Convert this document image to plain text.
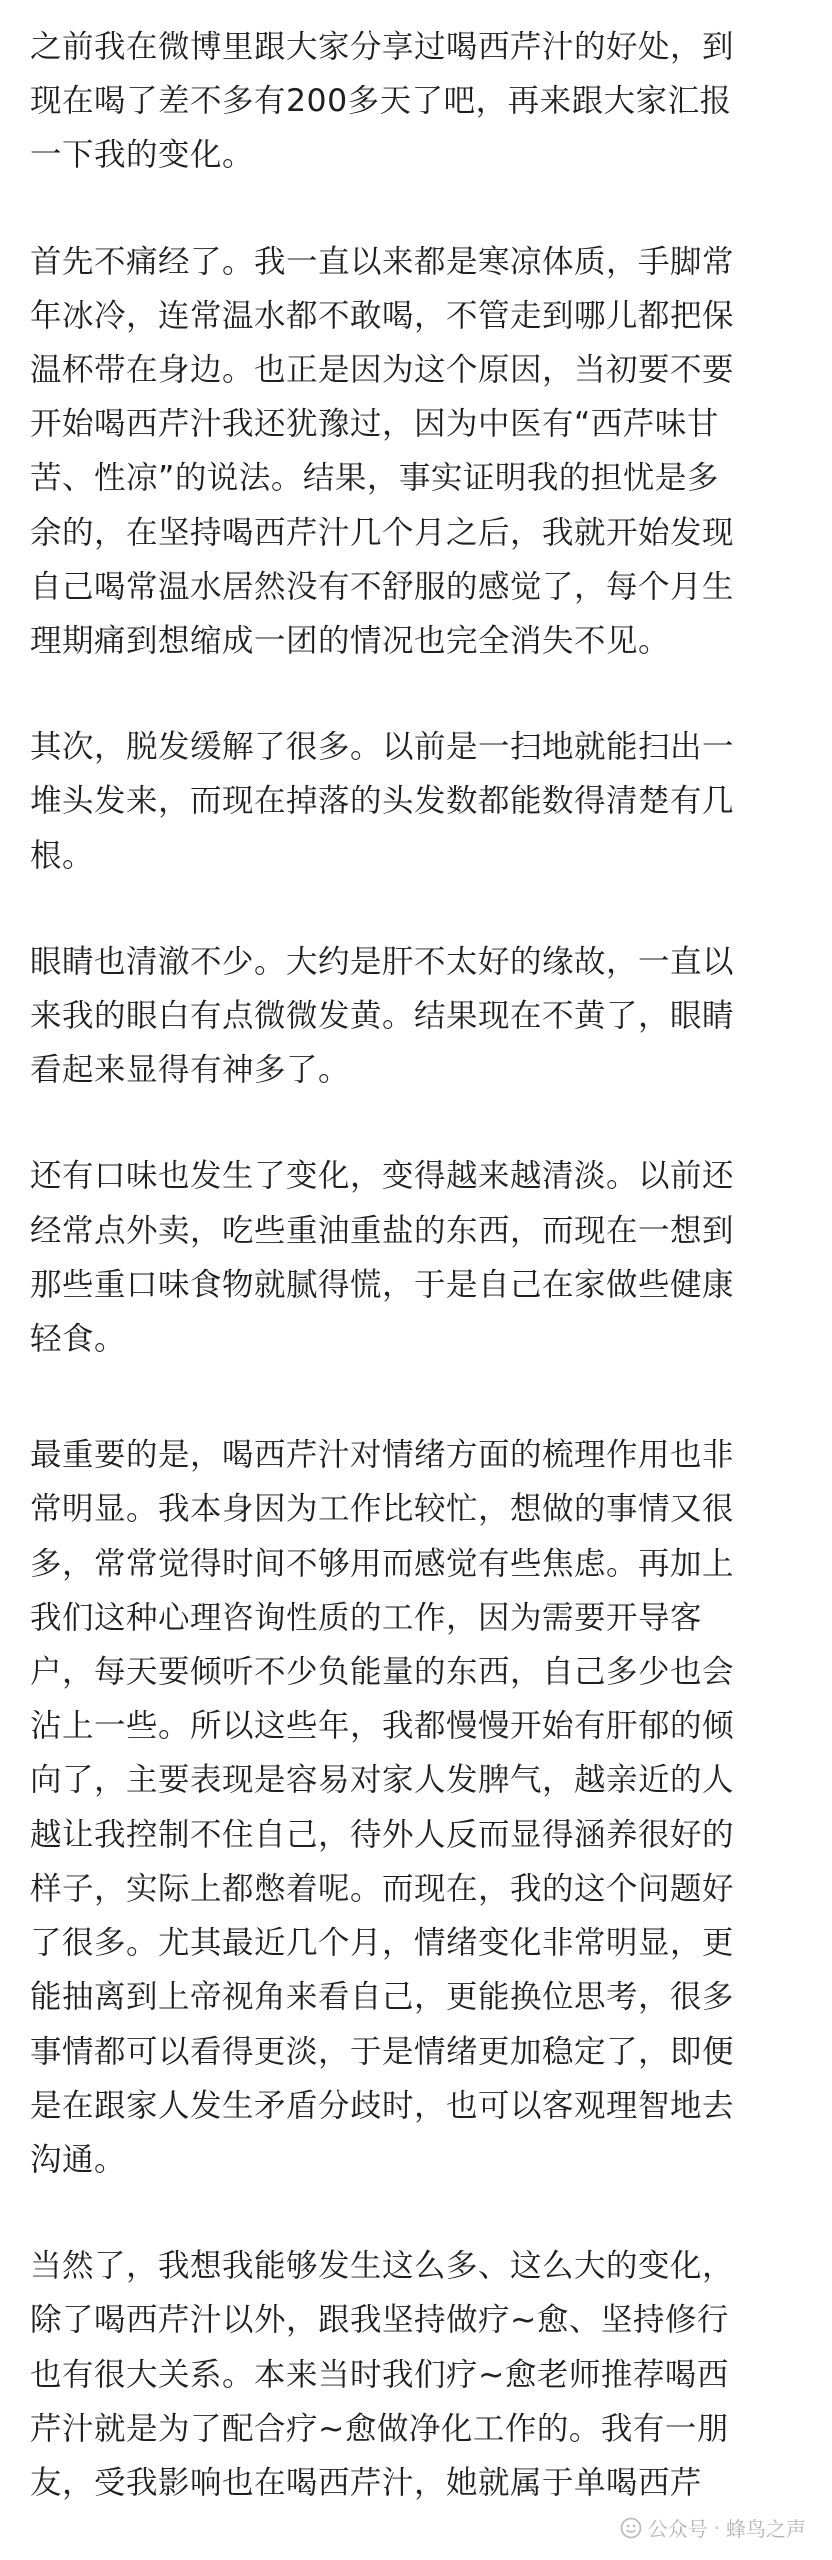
之前我在微博里跟大家分享过喝西芹汁的好处，到
现在喝了差不多有200多天了吧，再来跟大家汇报
一下我的变化。

首先不痛经了。我一直以来都是寒凉体质，手脚常
年冰冷，连常温水都不敢喝，不管走到哪儿都把保
温杯带在身边。也正是因为这个原因，当初要不要
开始喝西芹汁我还犹豫过，因为中医有“西芹味甘
苦、性凉”的说法。结果，事实证明我的担忧是多
余的，在坚持喝西芹汁几个月之后，我就开始发现
自己喝常温水居然没有不舒服的感觉了，每个月生
理期痛到想缩成一团的情况也完全消失不见。

其次，脱发缓解了很多。以前是一扫地就能扫出一
堆头发来，而现在掉落的头发数都能数得清楚有几
根。

眼睛也清澈不少。大约是肝不太好的缘故，一直以
来我的眼白有点微微发黄。结果现在不黄了，眼睛
看起来显得有神多了。

还有口味也发生了变化，变得越来越清淡。以前还
经常点外卖，吃些重油重盐的东西，而现在一想到
那些重口味食物就腻得慌，于是自己在家做些健康
轻食。

最重要的是，喝西芹汁对情绪方面的梳理作用也非
常明显。我本身因为工作比较忙，想做的事情又很
多，常常觉得时间不够用而感觉有些焦虑。再加上
我们这种心理咨询性质的工作，因为需要开导客
户，每天要倾听不少负能量的东西，自己多少也会
沾上一些。所以这些年，我都慢慢开始有肝郁的倾
向了，主要表现是容易对家人发脾气，越亲近的人
越让我控制不住自己，待外人反而显得涵养很好的
样子，实际上都憋着呢。而现在，我的这个问题好
了很多。尤其最近几个月，情绪变化非常明显，更
能抽离到上帝视角来看自己，更能换位思考，很多
事情都可以看得更淡，于是情绪更加稳定了，即便
是在跟家人发生矛盾分歧时，也可以客观理智地去
沟通。

当然了，我想我能够发生这么多、这么大的变化，
除了喝西芹汁以外，跟我坚持做疗~愈、坚持修行
也有很大关系。本来当时我们疗~愈老师推荐喝西
芹汁就是为了配合疗~愈做净化工作的。我有一朋
友，受我影响也在喝西芹汁，她就属于单喝西芹

公众号 · 蜂鸟之声
